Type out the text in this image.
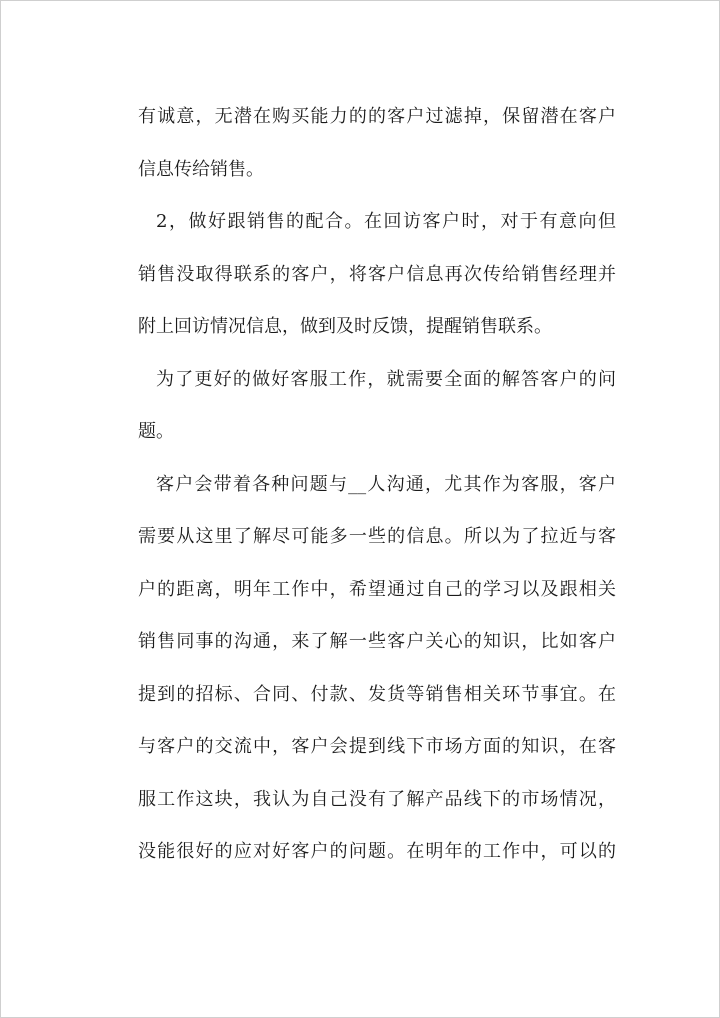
有诚意，无潜在购买能力的的客户过滤掉，保留潜在客户
信息传给销售。
2，做好跟销售的配合。在回访客户时，对于有意向但
销售没取得联系的客户，将客户信息再次传给销售经理并
附上回访情况信息，做到及时反馈，提醒销售联系。
为了更好的做好客服工作，就需要全面的解答客户的问
题。
客户会带着各种问题与__人沟通，尤其作为客服，客户
需要从这里了解尽可能多一些的信息。所以为了拉近与客
户的距离，明年工作中，希望通过自己的学习以及跟相关
销售同事的沟通，来了解一些客户关心的知识，比如客户
提到的招标、合同、付款、发货等销售相关环节事宜。在
与客户的交流中，客户会提到线下市场方面的知识，在客
服工作这块，我认为自己没有了解产品线下的市场情况，
没能很好的应对好客户的问题。在明年的工作中，可以的
